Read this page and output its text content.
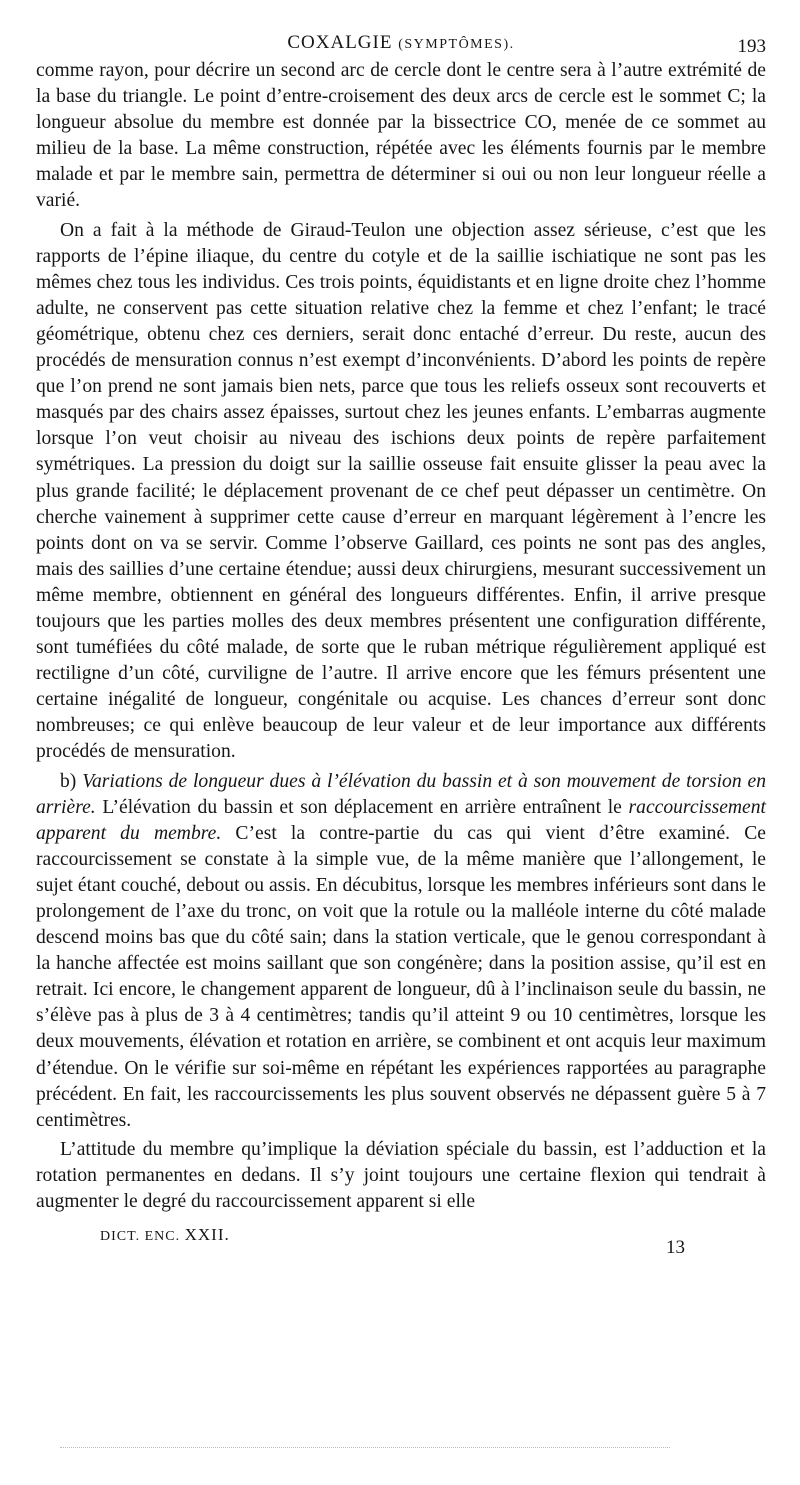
COXALGIE (SYMPTÔMES).	193

comme rayon, pour décrire un second arc de cercle dont le centre sera à l’autre extrémité de la base du triangle. Le point d’entre-croisement des deux arcs de cercle est le sommet C; la longueur absolue du membre est donnée par la bissectrice CO, menée de ce sommet au milieu de la base. La même construction, répétée avec les éléments fournis par le membre malade et par le membre sain, permettra de déterminer si oui ou non leur longueur réelle a varié.

On a fait à la méthode de Giraud-Teulon une objection assez sérieuse, c’est que les rapports de l’épine iliaque, du centre du cotyle et de la saillie ischiatique ne sont pas les mêmes chez tous les individus. Ces trois points, équidistants et en ligne droite chez l’homme adulte, ne conservent pas cette situation relative chez la femme et chez l’enfant; le tracé géométrique, obtenu chez ces derniers, serait donc entaché d’erreur. Du reste, aucun des procédés de mensuration connus n’est exempt d’inconvénients. D’abord les points de repère que l’on prend ne sont jamais bien nets, parce que tous les reliefs osseux sont recouverts et masqués par des chairs assez épaisses, surtout chez les jeunes enfants. L’embarras augmente lorsque l’on veut choisir au niveau des ischions deux points de repère parfaitement symétriques. La pression du doigt sur la saillie osseuse fait ensuite glisser la peau avec la plus grande facilité; le déplacement provenant de ce chef peut dépasser un centimètre. On cherche vainement à supprimer cette cause d’erreur en marquant légèrement à l’encre les points dont on va se servir. Comme l’observe Gaillard, ces points ne sont pas des angles, mais des saillies d’une certaine étendue; aussi deux chirurgiens, mesurant successivement un même membre, obtiennent en général des longueurs différentes. Enfin, il arrive presque toujours que les parties molles des deux membres présentent une configuration différente, sont tuméfiées du côté malade, de sorte que le ruban métrique régulièrement appliqué est rectiligne d’un côté, curviligne de l’autre. Il arrive encore que les fémurs présentent une certaine inégalité de longueur, congénitale ou acquise. Les chances d’erreur sont donc nombreuses; ce qui enlève beaucoup de leur valeur et de leur importance aux différents procédés de mensuration.

b) Variations de longueur dues à l’élévation du bassin et à son mouvement de torsion en arrière. L’élévation du bassin et son déplacement en arrière entraînent le raccourcissement apparent du membre. C’est la contre-partie du cas qui vient d’être examiné. Ce raccourcissement se constate à la simple vue, de la même manière que l’allongement, le sujet étant couché, debout ou assis. En décubitus, lorsque les membres inférieurs sont dans le prolongement de l’axe du tronc, on voit que la rotule ou la malléole interne du côté malade descend moins bas que du côté sain; dans la station verticale, que le genou correspondant à la hanche affectée est moins saillant que son congénère; dans la position assise, qu’il est en retrait. Ici encore, le changement apparent de longueur, dû à l’inclinaison seule du bassin, ne s’élève pas à plus de 3 à 4 centimètres; tandis qu’il atteint 9 ou 10 centimètres, lorsque les deux mouvements, élévation et rotation en arrière, se combinent et ont acquis leur maximum d’étendue. On le vérifie sur soi-même en répétant les expériences rapportées au paragraphe précédent. En fait, les raccourcissements les plus souvent observés ne dépassent guère 5 à 7 centimètres.

L’attitude du membre qu’implique la déviation spéciale du bassin, est l’adduction et la rotation permanentes en dedans. Il s’y joint toujours une certaine flexion qui tendrait à augmenter le degré du raccourcissement apparent si elle

DICT. ENC. XXII.
13
